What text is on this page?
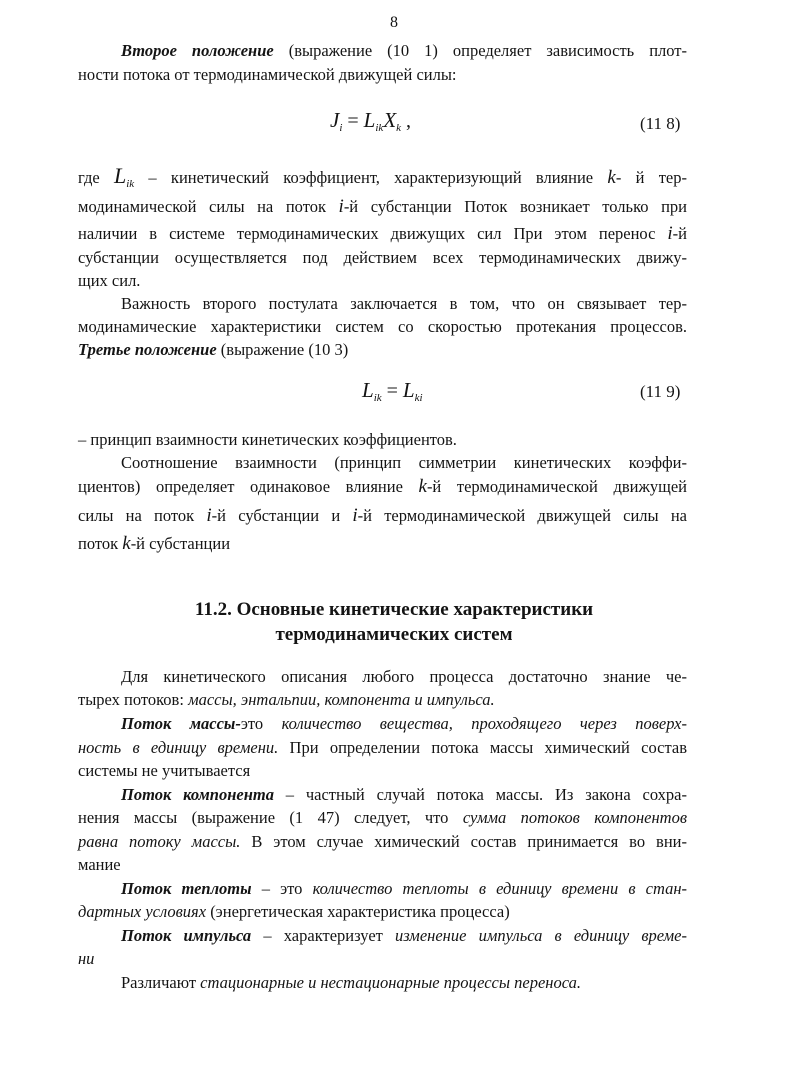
8
Второе положение (выражение (10 1) определяет зависимость плот-
ности потока от термодинамической движущей силы:
$J_i = L_{ik}X_k$ ,	(11 8)
где $L_{ik}$ – кинетический коэффициент, характеризующий влияние k- й тер-
модинамической силы на поток i-й субстанции Поток возникает только при
наличии в системе термодинамических движущих сил При этом перенос i-й
субстанции осуществляется под действием всех термодинамических движу-
щих сил.
Важность второго постулата заключается в том, что он связывает тер-
модинамические характеристики систем со скоростью протекания процессов.
Третье положение (выражение (10 3)
$L_{ik} = L_{ki}$	(11 9)
– принцип взаимности кинетических коэффициентов.
Соотношение взаимности (принцип симметрии кинетических коэффи-
циентов) определяет одинаковое влияние k-й термодинамической движущей
силы на поток i-й субстанции и i-й термодинамической движущей силы на
поток k-й субстанции
11.2. Основные кинетические характеристики
термодинамических систем
Для кинетического описания любого процесса достаточно знание че-
тырех потоков: массы, энтальпии, компонента и импульса.
Поток массы-это количество вещества, проходящего через поверх-
ность в единицу времени. При определении потока массы химический состав
системы не учитывается
Поток компонента – частный случай потока массы. Из закона сохра-
нения массы (выражение (1 47) следует, что сумма потоков компонентов
равна потоку массы. В этом случае химический состав принимается во вни-
мание
Поток теплоты – это количество теплоты в единицу времени в стан-
дартных условиях (энергетическая характеристика процесса)
Поток импульса – характеризует изменение импульса в единицу време-
ни
Различают стационарные и нестационарные процессы переноса.
